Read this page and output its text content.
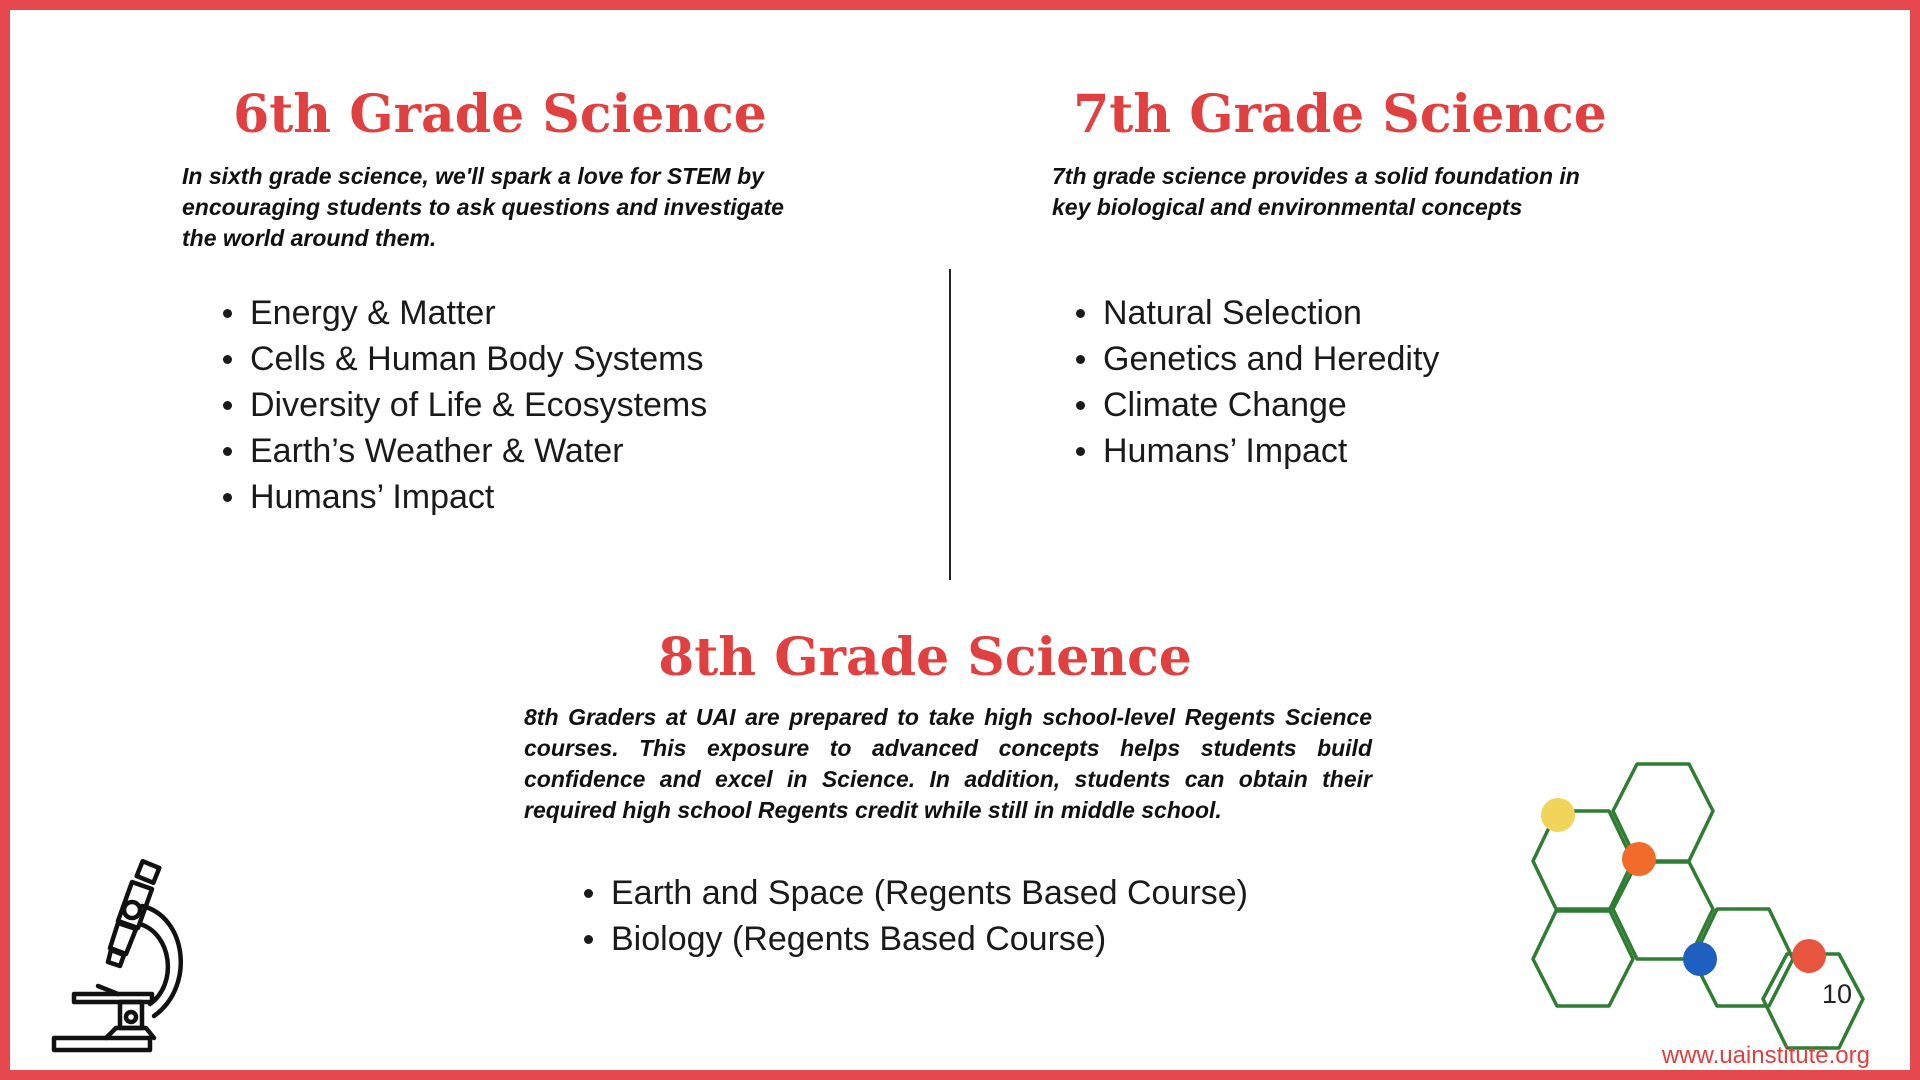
6th Grade Science

In sixth grade science, we'll spark a love for STEM by
encouraging students to ask questions and investigate
the world around them.

Energy & Matter
Cells & Human Body Systems
Diversity of Life & Ecosystems
Earth’s Weather & Water
Humans’ Impact
7th Grade Science

7th grade science provides a solid foundation in
key biological and environmental concepts

Natural Selection
Genetics and Heredity
Climate Change
Humans’ Impact
8th Grade Science

8th Graders at UAI are prepared to take high school-level Regents Science courses. This exposure to advanced concepts helps students build confidence and excel in Science. In addition, students can obtain their required high school Regents credit while still in middle school.

Earth and Space (Regents Based Course)
Biology (Regents Based Course)
10
www.uainstitute.org
